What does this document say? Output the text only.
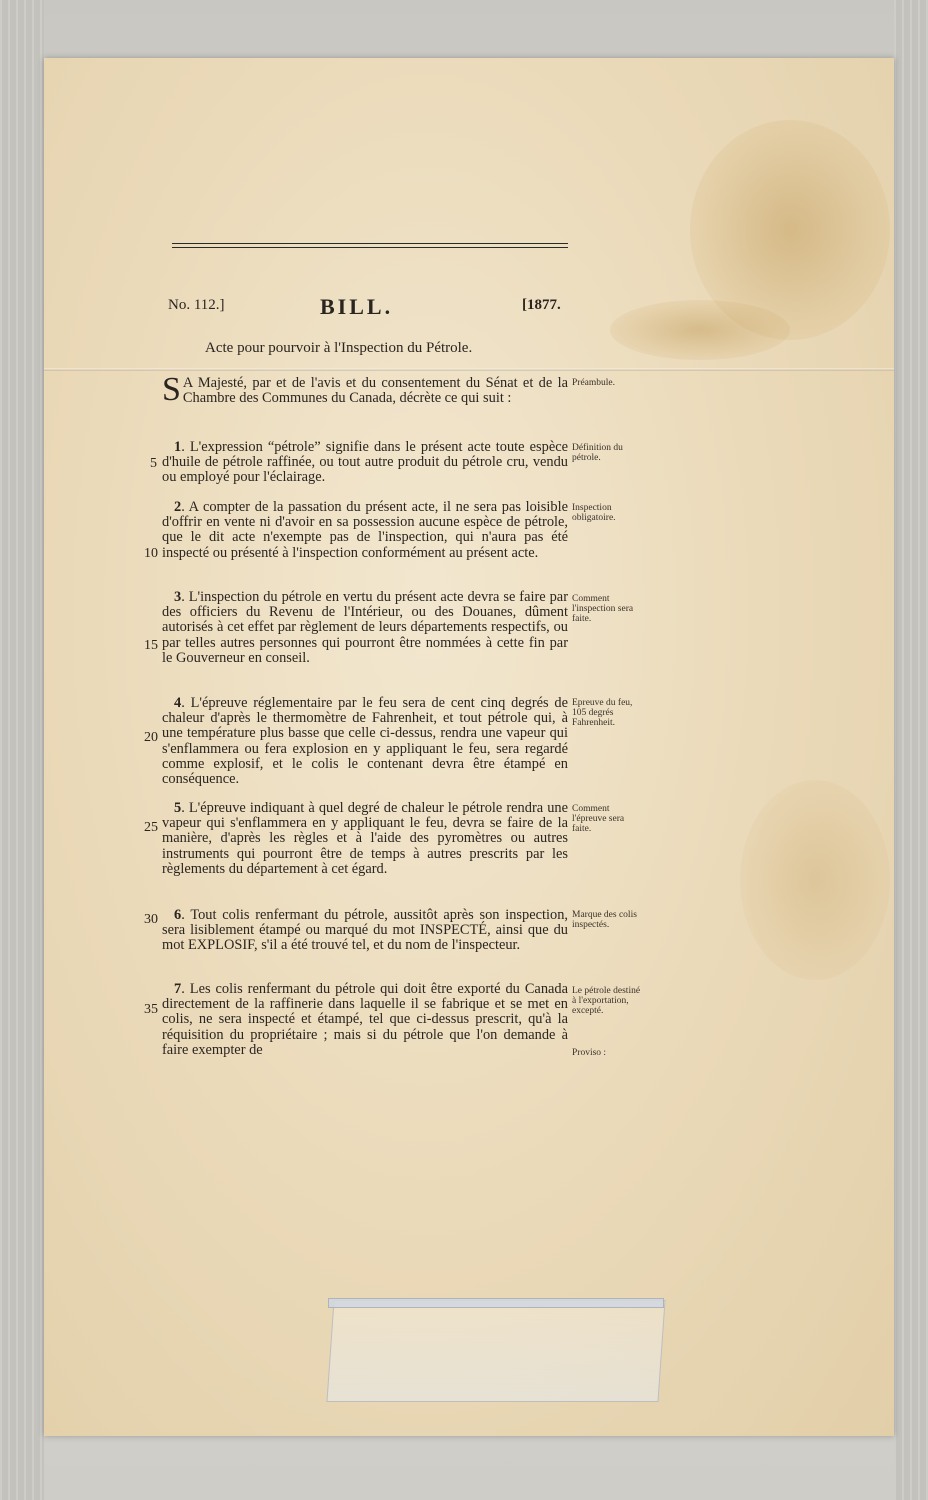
No. 112.]	BILL.	[1877.
Acte pour pourvoir à l'Inspection du Pétrole.
S A Majesté, par et de l'avis et du consentement du Sénat et de la Chambre des Communes du Canada, décrète ce qui suit :
Préambule.
1. L'expression “pétrole” signifie dans le présent acte toute espèce d'huile de pétrole raffinée, ou tout autre produit du pétrole cru, vendu ou employé pour l'éclairage.
Définition du pétrole.
2. A compter de la passation du présent acte, il ne sera pas loisible d'offrir en vente ni d'avoir en sa possession aucune espèce de pétrole, que le dit acte n'exempte pas de l'inspection, qui n'aura pas été inspecté ou présenté à l'inspection conformément au présent acte.
Inspection obligatoire.
3. L'inspection du pétrole en vertu du présent acte devra se faire par des officiers du Revenu de l'Intérieur, ou des Douanes, dûment autorisés à cet effet par règlement de leurs départements respectifs, ou par telles autres personnes qui pourront être nommées à cette fin par le Gouverneur en conseil.
Comment l'inspection sera faite.
4. L'épreuve réglementaire par le feu sera de cent cinq degrés de chaleur d'après le thermomètre de Fahrenheit, et tout pétrole qui, à une température plus basse que celle ci-dessus, rendra une vapeur qui s'enflammera ou fera explosion en y appliquant le feu, sera regardé comme explosif, et le colis le contenant devra être étampé en conséquence.
Epreuve du feu, 105 degrés Fahrenheit.
5. L'épreuve indiquant à quel degré de chaleur le pétrole rendra une vapeur qui s'enflammera en y appliquant le feu, devra se faire de la manière, d'après les règles et à l'aide des pyromètres ou autres instruments qui pourront être de temps à autres prescrits par les règlements du département à cet égard.
Comment l'épreuve sera faite.
6. Tout colis renfermant du pétrole, aussitôt après son inspection, sera lisiblement étampé ou marqué du mot INSPECTÉ, ainsi que du mot EXPLOSIF, s'il a été trouvé tel, et du nom de l'inspecteur.
Marque des colis inspectés.
7. Les colis renfermant du pétrole qui doit être exporté du Canada directement de la raffinerie dans laquelle il se fabrique et se met en colis, ne sera inspecté et étampé, tel que ci-dessus prescrit, qu'à la réquisition du propriétaire ; mais si du pétrole que l'on demande à faire exempter de
Le pétrole destiné à l'exportation, excepté.
Proviso :
5
10
15
20
25
30
35
